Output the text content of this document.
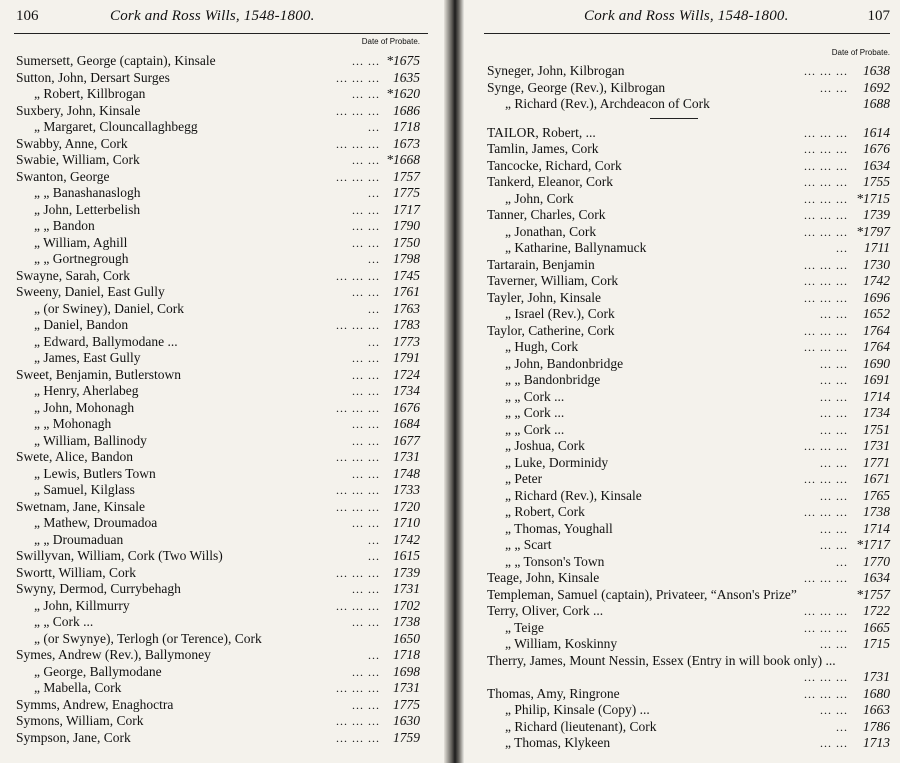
106	Cork and Ross Wills, 1548-1800.
Date of Probate.
Sumersett, George (captain), Kinsale	... ... *1675
Sutton, John, Dersart Surges	... ... ... 1635
„ Robert, Killbrogan	... ... *1620
Suxbery, John, Kinsale	... ... ... 1686
„ Margaret, Clouncallaghbegg	... 1718
Swabby, Anne, Cork	... ... ... 1673
Swabie, William, Cork	... ... *1668
Swanton, George	... ... ... 1757
„ „ Banashanaslogh	... 1775
„ John, Letterbelish	... ... 1717
„ „ Bandon	... ... 1790
„ William, Aghill	... ... 1750
„ „ Gortnegrough	... 1798
Swayne, Sarah, Cork	... ... ... 1745
Sweeny, Daniel, East Gully	... ... 1761
„ (or Swiney), Daniel, Cork	... 1763
„ Daniel, Bandon	... ... ... 1783
„ Edward, Ballymodane ...	... 1773
„ James, East Gully	... ... 1791
Sweet, Benjamin, Butlerstown	... ... 1724
„ Henry, Aherlabeg	... ... 1734
„ John, Mohonagh	... ... ... 1676
„ „ Mohonagh	... ... 1684
„ William, Ballinody	... ... 1677
Swete, Alice, Bandon	... ... ... 1731
„ Lewis, Butlers Town	... ... 1748
„ Samuel, Kilglass	... ... ... 1733
Swetnam, Jane, Kinsale	... ... ... 1720
„ Mathew, Droumadoa	... ... 1710
„ „ Droumaduan	... 1742
Swillyvan, William, Cork (Two Wills)	... 1615
Swortt, William, Cork	... ... ... 1739
Swyny, Dermod, Currybehagh	... ... 1731
„ John, Killmurry	... ... ... 1702
„ „ Cork ...	... ... 1738
„ (or Swynye), Terlogh (or Terence), Cork	1650
Symes, Andrew (Rev.), Ballymoney	... 1718
„ George, Ballymodane	... ... 1698
„ Mabella, Cork	... ... ... 1731
Symms, Andrew, Enaghoctra	... ... 1775
Symons, William, Cork	... ... ... 1630
Sympson, Jane, Cork	... ... ... 1759
Cork and Ross Wills, 1548-1800.	107
Date of Probate.
Syneger, John, Kilbrogan	... ... ... 1638
Synge, George (Rev.), Kilbrogan	... ... 1692
„ Richard (Rev.), Archdeacon of Cork	1688
TAILOR, Robert, ...	... ... ... 1614
Tamlin, James, Cork	... ... ... 1676
Tancocke, Richard, Cork	... ... ... 1634
Tankerd, Eleanor, Cork	... ... ... 1755
„ John, Cork	... ... ... *1715
Tanner, Charles, Cork	... ... ... 1739
„ Jonathan, Cork	... ... ... *1797
„ Katharine, Ballynamuck	... 1711
Tartarain, Benjamin	... ... ... 1730
Taverner, William, Cork	... ... ... 1742
Tayler, John, Kinsale	... ... ... 1696
„ Israel (Rev.), Cork	... ... 1652
Taylor, Catherine, Cork	... ... ... 1764
„ Hugh, Cork	... ... ... 1764
„ John, Bandonbridge	... ... 1690
„ „ Bandonbridge	... ... 1691
„ „ Cork ...	... ... 1714
„ „ Cork ...	... ... 1734
„ „ Cork ...	... ... 1751
„ Joshua, Cork	... ... ... 1731
„ Luke, Dorminidy	... ... 1771
„ Peter	... ... ... 1671
„ Richard (Rev.), Kinsale	... ... 1765
„ Robert, Cork	... ... ... 1738
„ Thomas, Youghall	... ... 1714
„ „ Scart	... ... *1717
„ „ Tonson's Town	... 1770
Teage, John, Kinsale	... ... ... 1634
Templeman, Samuel (captain), Privateer, “Anson's Prize”	*1757
Terry, Oliver, Cork ...	... ... ... 1722
„ Teige	... ... ... 1665
„ William, Koskinny	... ... 1715
Therry, James, Mount Nessin, Essex (Entry in will book only) ...
... ... ... 1731
Thomas, Amy, Ringrone	... ... ... 1680
„ Philip, Kinsale (Copy) ...	... ... 1663
„ Richard (lieutenant), Cork	... 1786
„ Thomas, Klykeen	... ... 1713
